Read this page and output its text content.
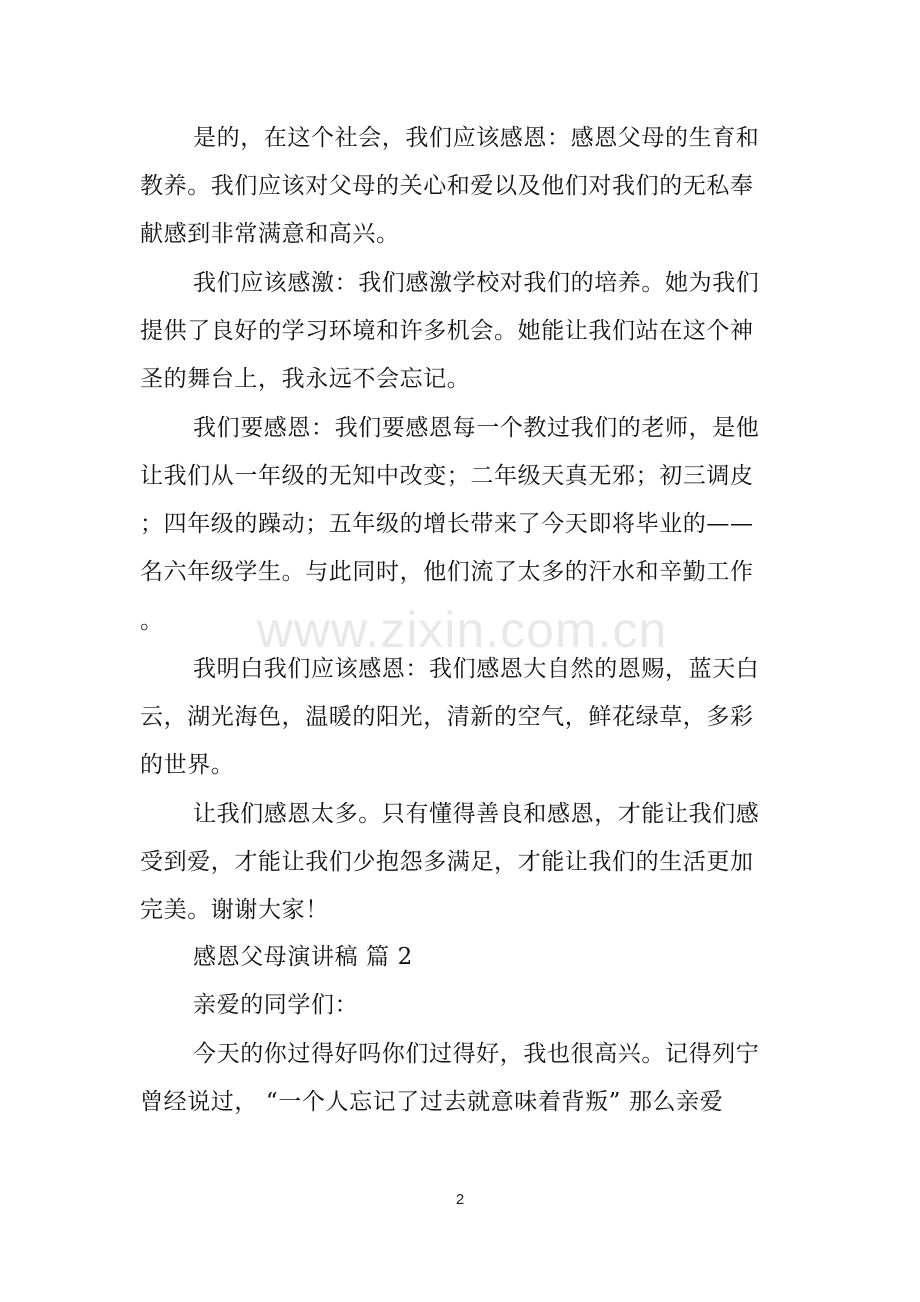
是的，在这个社会，我们应该感恩：感恩父母的生育和
教养。我们应该对父母的关心和爱以及他们对我们的无私奉
献感到非常满意和高兴。
我们应该感激：我们感激学校对我们的培养。她为我们
提供了良好的学习环境和许多机会。她能让我们站在这个神
圣的舞台上，我永远不会忘记。
我们要感恩：我们要感恩每一个教过我们的老师，是他
让我们从一年级的无知中改变；二年级天真无邪；初三调皮
；四年级的躁动；五年级的增长带来了今天即将毕业的——
名六年级学生。与此同时，他们流了太多的汗水和辛勤工作
。
我明白我们应该感恩：我们感恩大自然的恩赐，蓝天白
云，湖光海色，温暖的阳光，清新的空气，鲜花绿草，多彩
的世界。
让我们感恩太多。只有懂得善良和感恩，才能让我们感
受到爱，才能让我们少抱怨多满足，才能让我们的生活更加
完美。谢谢大家！
感恩父母演讲稿 篇 2
亲爱的同学们：
今天的你过得好吗你们过得好，我也很高兴。记得列宁
曾经说过， “一个人忘记了过去就意味着背叛” 那么亲爱
www.zixin.com.cn
2
